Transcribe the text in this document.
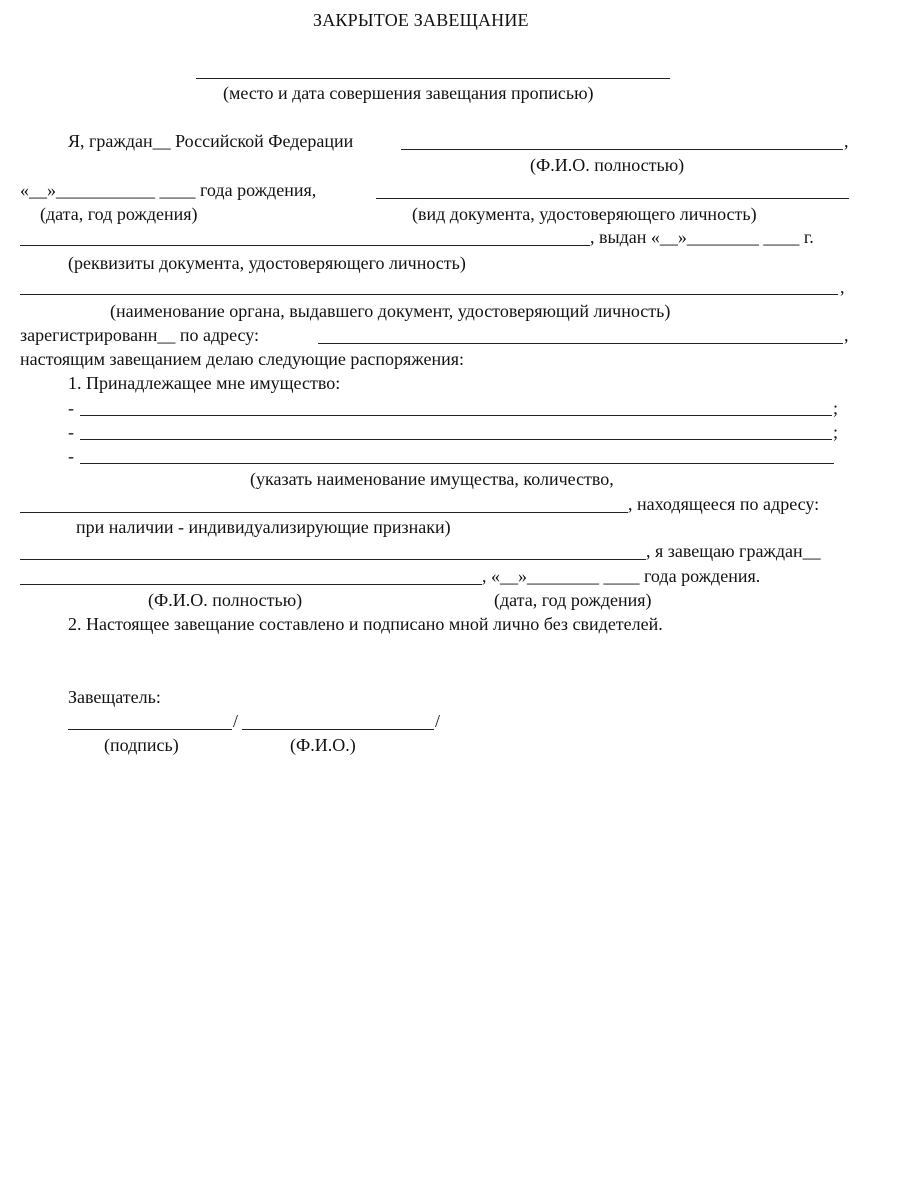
ЗАКРЫТОЕ ЗАВЕЩАНИЕ
(место и дата совершения завещания прописью)
Я, граждан__ Российской Федерации	,
(Ф.И.О. полностью)
«__»___________ ____ года рождения,
(дата, год рождения)	(вид документа, удостоверяющего личность)
, выдан «__»________ ____ г.
(реквизиты документа, удостоверяющего личность)
,
(наименование органа, выдавшего документ, удостоверяющий личность)
зарегистрированн__ по адресу:	,
настоящим завещанием делаю следующие распоряжения:
1. Принадлежащее мне имущество:
-	;
-	;
-
(указать наименование имущества, количество,
, находящееся по адресу:
при наличии - индивидуализирующие признаки)
, я завещаю граждан__
, «__»________ ____ года рождения.
(Ф.И.О. полностью)	(дата, год рождения)
2. Настоящее завещание составлено и подписано мной лично без свидетелей.
Завещатель:
/	/
(подпись)	(Ф.И.О.)
